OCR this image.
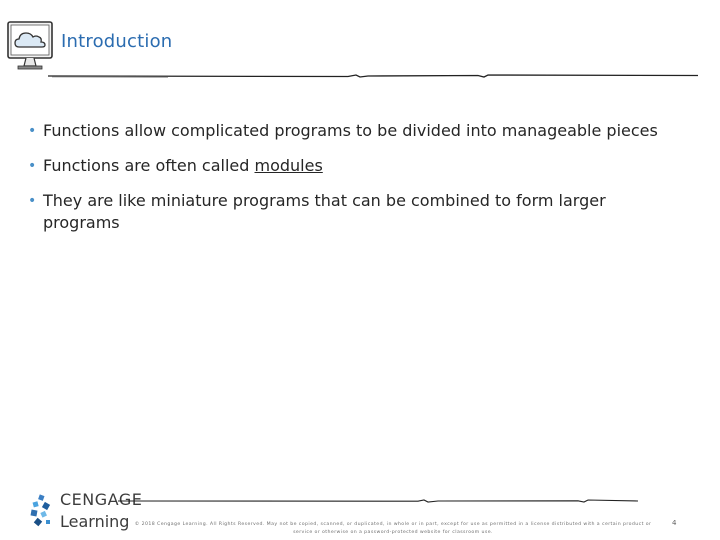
Introduction
• Functions allow complicated programs to be divided into manageable pieces
• Functions are often called modules
• They are like miniature programs that can be combined to form larger programs
CENGAGE
Learning	© 2018 Cengage Learning. All Rights Reserved. May not be copied, scanned, or duplicated, in whole or in part, except for use as permitted in a license distributed with a certain product or service or otherwise on a password-protected website for classroom use.
4
